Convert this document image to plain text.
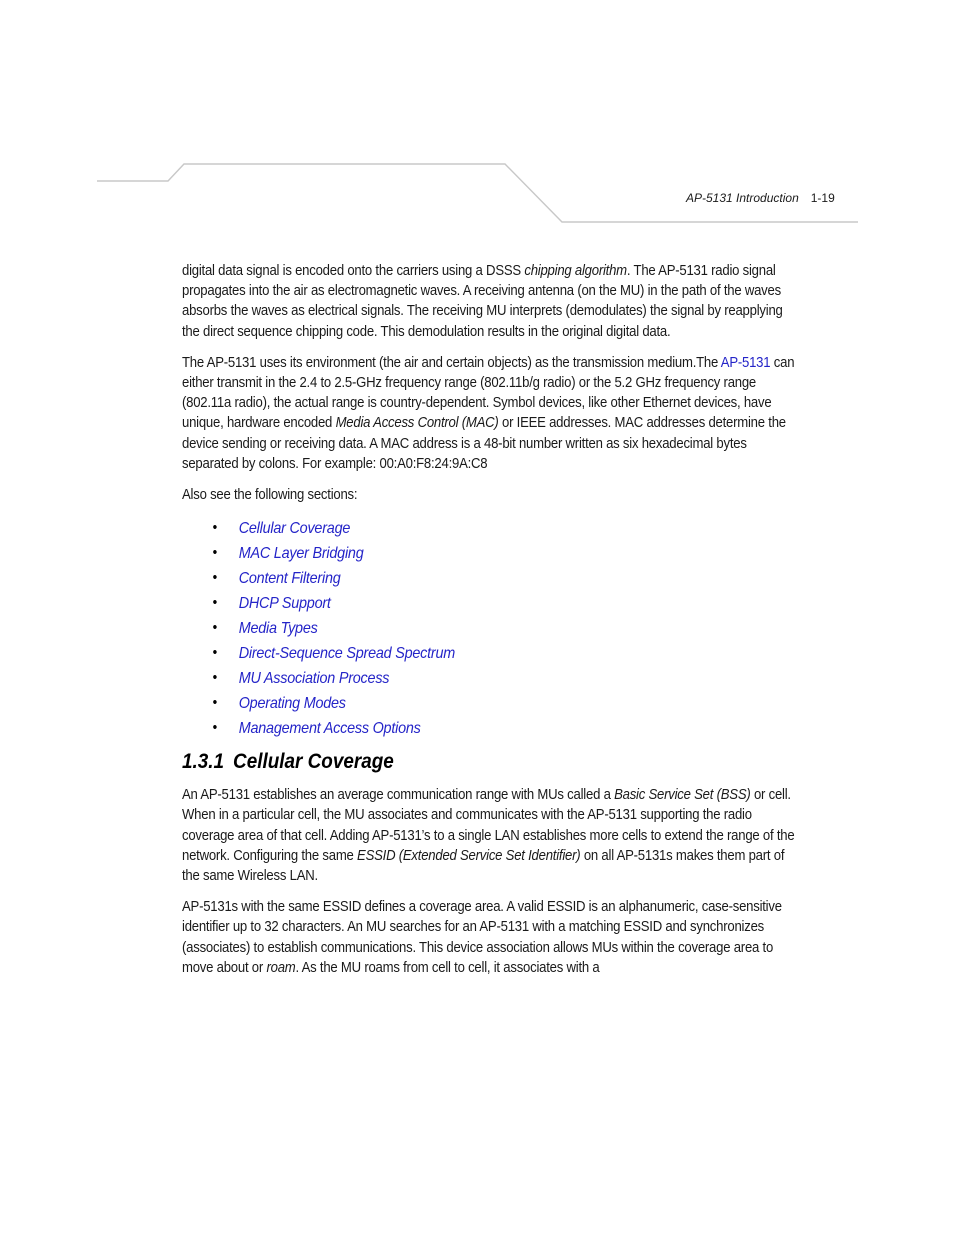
AP-5131 Introduction 1-19

digital data signal is encoded onto the carriers using a DSSS chipping algorithm. The AP-5131 radio signal propagates into the air as electromagnetic waves. A receiving antenna (on the MU) in the path of the waves absorbs the waves as electrical signals. The receiving MU interprets (demodulates) the signal by reapplying the direct sequence chipping code. This demodulation results in the original digital data.

The AP-5131 uses its environment (the air and certain objects) as the transmission medium.The AP-5131 can either transmit in the 2.4 to 2.5-GHz frequency range (802.11b/g radio) or the 5.2 GHz frequency range (802.11a radio), the actual range is country-dependent. Symbol devices, like other Ethernet devices, have unique, hardware encoded Media Access Control (MAC) or IEEE addresses. MAC addresses determine the device sending or receiving data. A MAC address is a 48-bit number written as six hexadecimal bytes separated by colons. For example: 00:A0:F8:24:9A:C8

Also see the following sections:

• Cellular Coverage
• MAC Layer Bridging
• Content Filtering
• DHCP Support
• Media Types
• Direct-Sequence Spread Spectrum
• MU Association Process
• Operating Modes
• Management Access Options
1.3.1 Cellular Coverage

An AP-5131 establishes an average communication range with MUs called a Basic Service Set (BSS) or cell. When in a particular cell, the MU associates and communicates with the AP-5131 supporting the radio coverage area of that cell. Adding AP-5131’s to a single LAN establishes more cells to extend the range of the network. Configuring the same ESSID (Extended Service Set Identifier) on all AP-5131s makes them part of the same Wireless LAN.

AP-5131s with the same ESSID defines a coverage area. A valid ESSID is an alphanumeric, case-sensitive identifier up to 32 characters. An MU searches for an AP-5131 with a matching ESSID and synchronizes (associates) to establish communications. This device association allows MUs within the coverage area to move about or roam. As the MU roams from cell to cell, it associates with a
